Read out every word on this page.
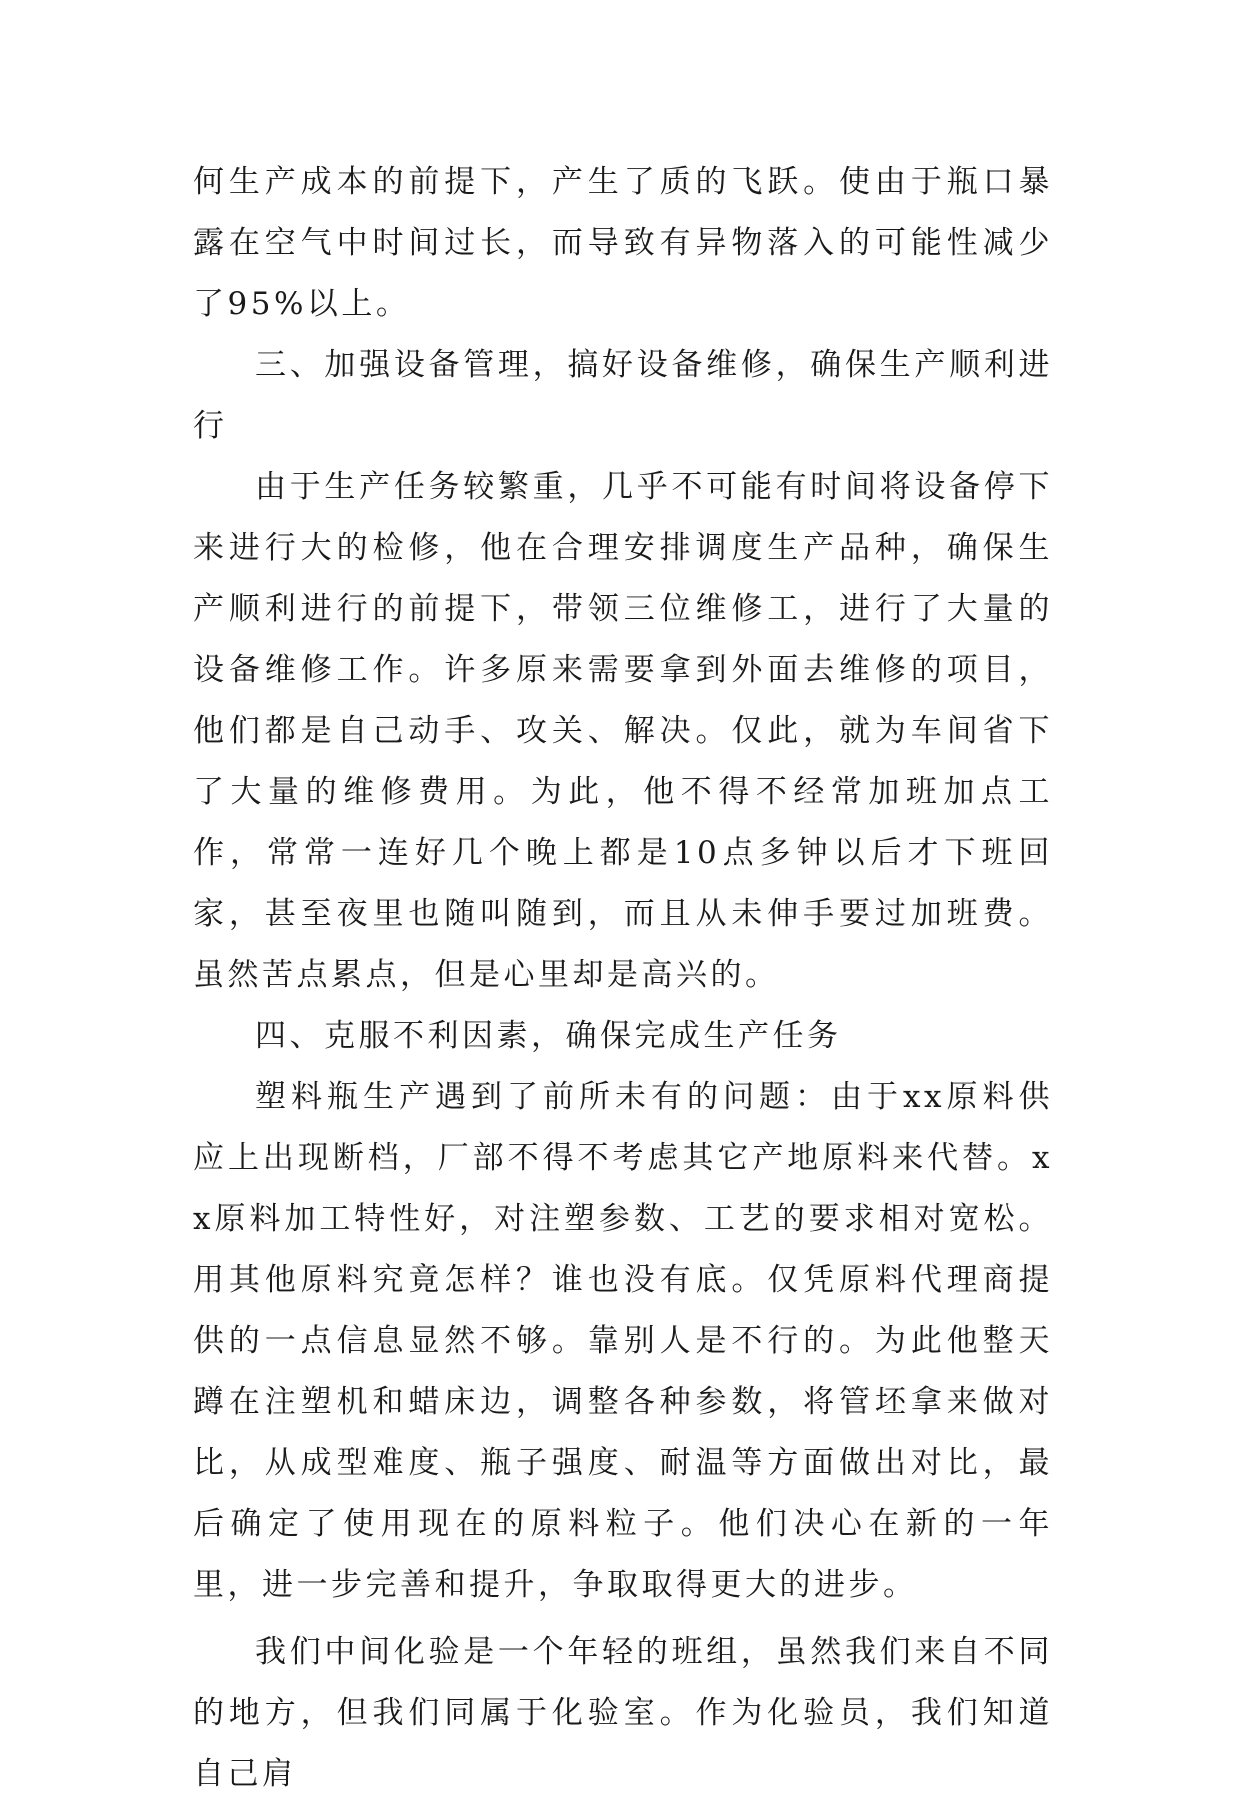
何生产成本的前提下，产生了质的飞跃。使由于瓶口暴露在空气中时间过长，而导致有异物落入的可能性减少了95%以上。

三、加强设备管理，搞好设备维修，确保生产顺利进行

由于生产任务较繁重，几乎不可能有时间将设备停下来进行大的检修，他在合理安排调度生产品种，确保生产顺利进行的前提下，带领三位维修工，进行了大量的设备维修工作。许多原来需要拿到外面去维修的项目，他们都是自己动手、攻关、解决。仅此，就为车间省下了大量的维修费用。为此，他不得不经常加班加点工作，常常一连好几个晚上都是10点多钟以后才下班回家，甚至夜里也随叫随到，而且从未伸手要过加班费。虽然苦点累点，但是心里却是高兴的。

四、克服不利因素，确保完成生产任务

塑料瓶生产遇到了前所未有的问题：由于xx原料供应上出现断档，厂部不得不考虑其它产地原料来代替。xx原料加工特性好，对注塑参数、工艺的要求相对宽松。用其他原料究竟怎样？谁也没有底。仅凭原料代理商提供的一点信息显然不够。靠别人是不行的。为此他整天蹲在注塑机和蜡床边，调整各种参数，将管坯拿来做对比，从成型难度、瓶子强度、耐温等方面做出对比，最后确定了使用现在的原料粒子。他们决心在新的一年里，进一步完善和提升，争取取得更大的进步。

我们中间化验是一个年轻的班组，虽然我们来自不同的地方，但我们同属于化验室。作为化验员，我们知道自己肩
